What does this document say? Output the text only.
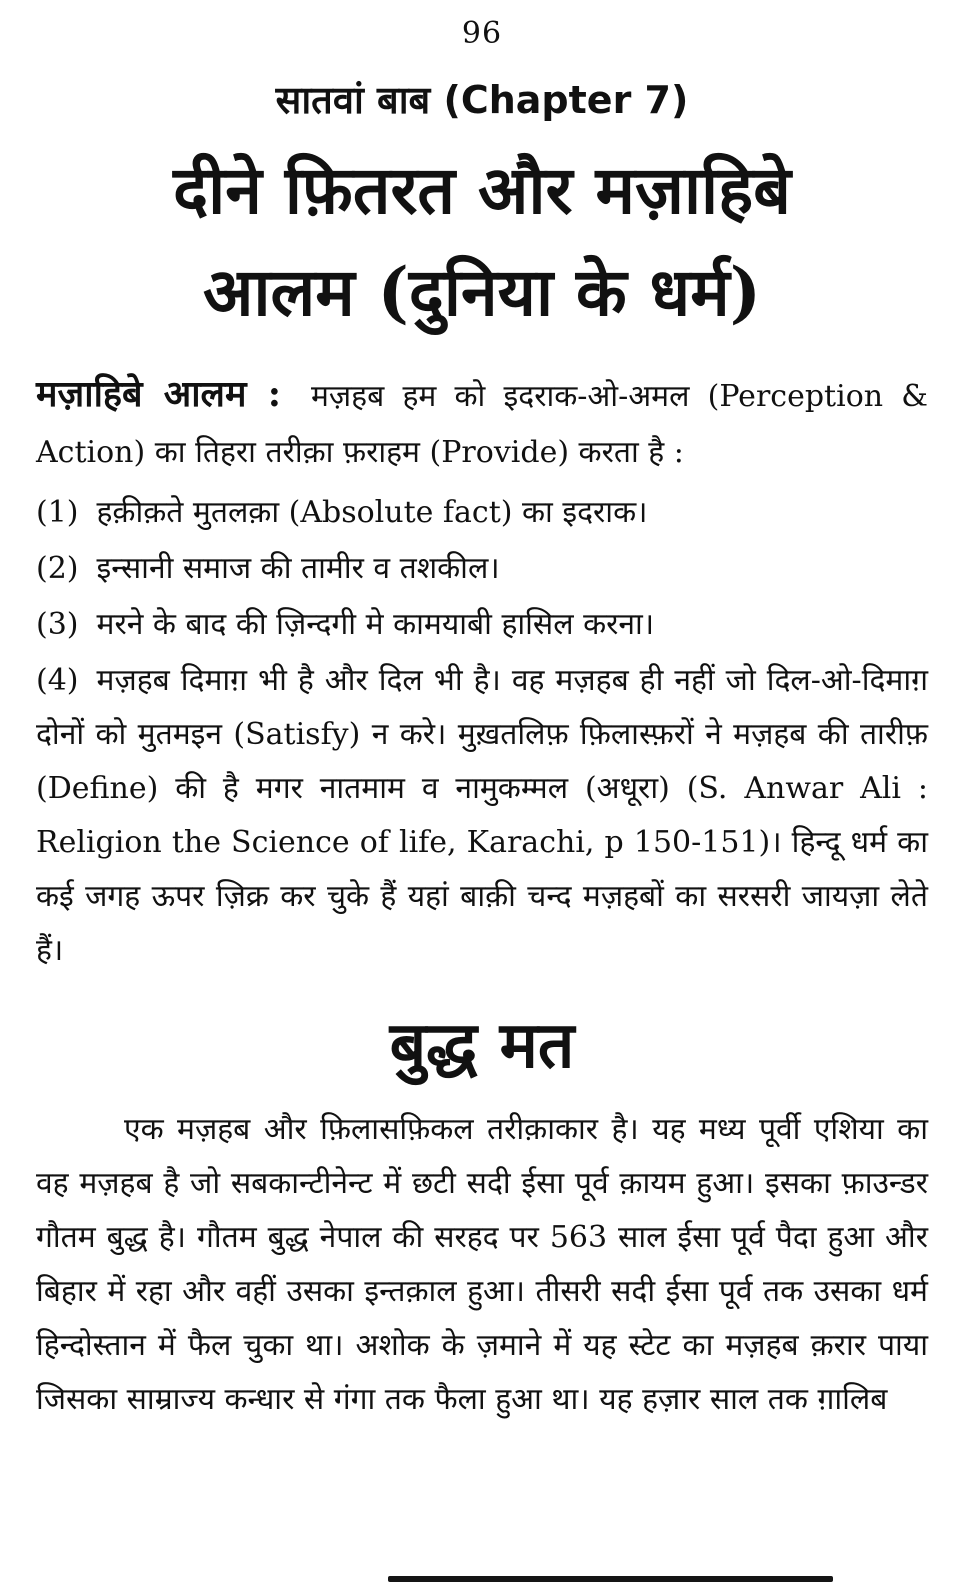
96
सातवां बाब (Chapter 7)
दीने फ़ितरत और मज़ाहिबे
आलम (दुनिया के धर्म)

मज़ाहिबे आलम : मज़हब हम को इदराक-ओ-अमल (Perception & Action) का तिहरा तरीक़ा फ़राहम (Provide) करता है :

(1) हक़ीक़ते मुतलक़ा (Absolute fact) का इदराक।

(2) इन्सानी समाज की तामीर व तशकील।

(3) मरने के बाद की ज़िन्दगी मे कामयाबी हासिल करना।

(4) मज़हब दिमाग़ भी है और दिल भी है। वह मज़हब ही नहीं जो दिल-ओ-दिमाग़ दोनों को मुतमइन (Satisfy) न करे। मुख़तलिफ़ फ़िलास्फ़रों ने मज़हब की तारीफ़ (Define) की है मगर नातमाम व नामुकम्मल (अधूरा) (S. Anwar Ali : Religion the Science of life, Karachi, p 150-151)। हिन्दू धर्म का कई जगह ऊपर ज़िक्र कर चुके हैं यहां बाक़ी चन्द मज़हबों का सरसरी जायज़ा लेते हैं।

बुद्ध मत

एक मज़हब और फ़िलासफ़िकल तरीक़ाकार है। यह मध्य पूर्वी एशिया का वह मज़हब है जो सबकान्टीनेन्ट में छटी सदी ईसा पूर्व क़ायम हुआ। इसका फ़ाउन्डर गौतम बुद्ध है। गौतम बुद्ध नेपाल की सरहद पर 563 साल ईसा पूर्व पैदा हुआ और बिहार में रहा और वहीं उसका इन्तक़ाल हुआ। तीसरी सदी ईसा पूर्व तक उसका धर्म हिन्दोस्तान में फैल चुका था। अशोक के ज़माने में यह स्टेट का मज़हब क़रार पाया जिसका साम्राज्य कन्धार से गंगा तक फैला हुआ था। यह हज़ार साल तक ग़ालिब
